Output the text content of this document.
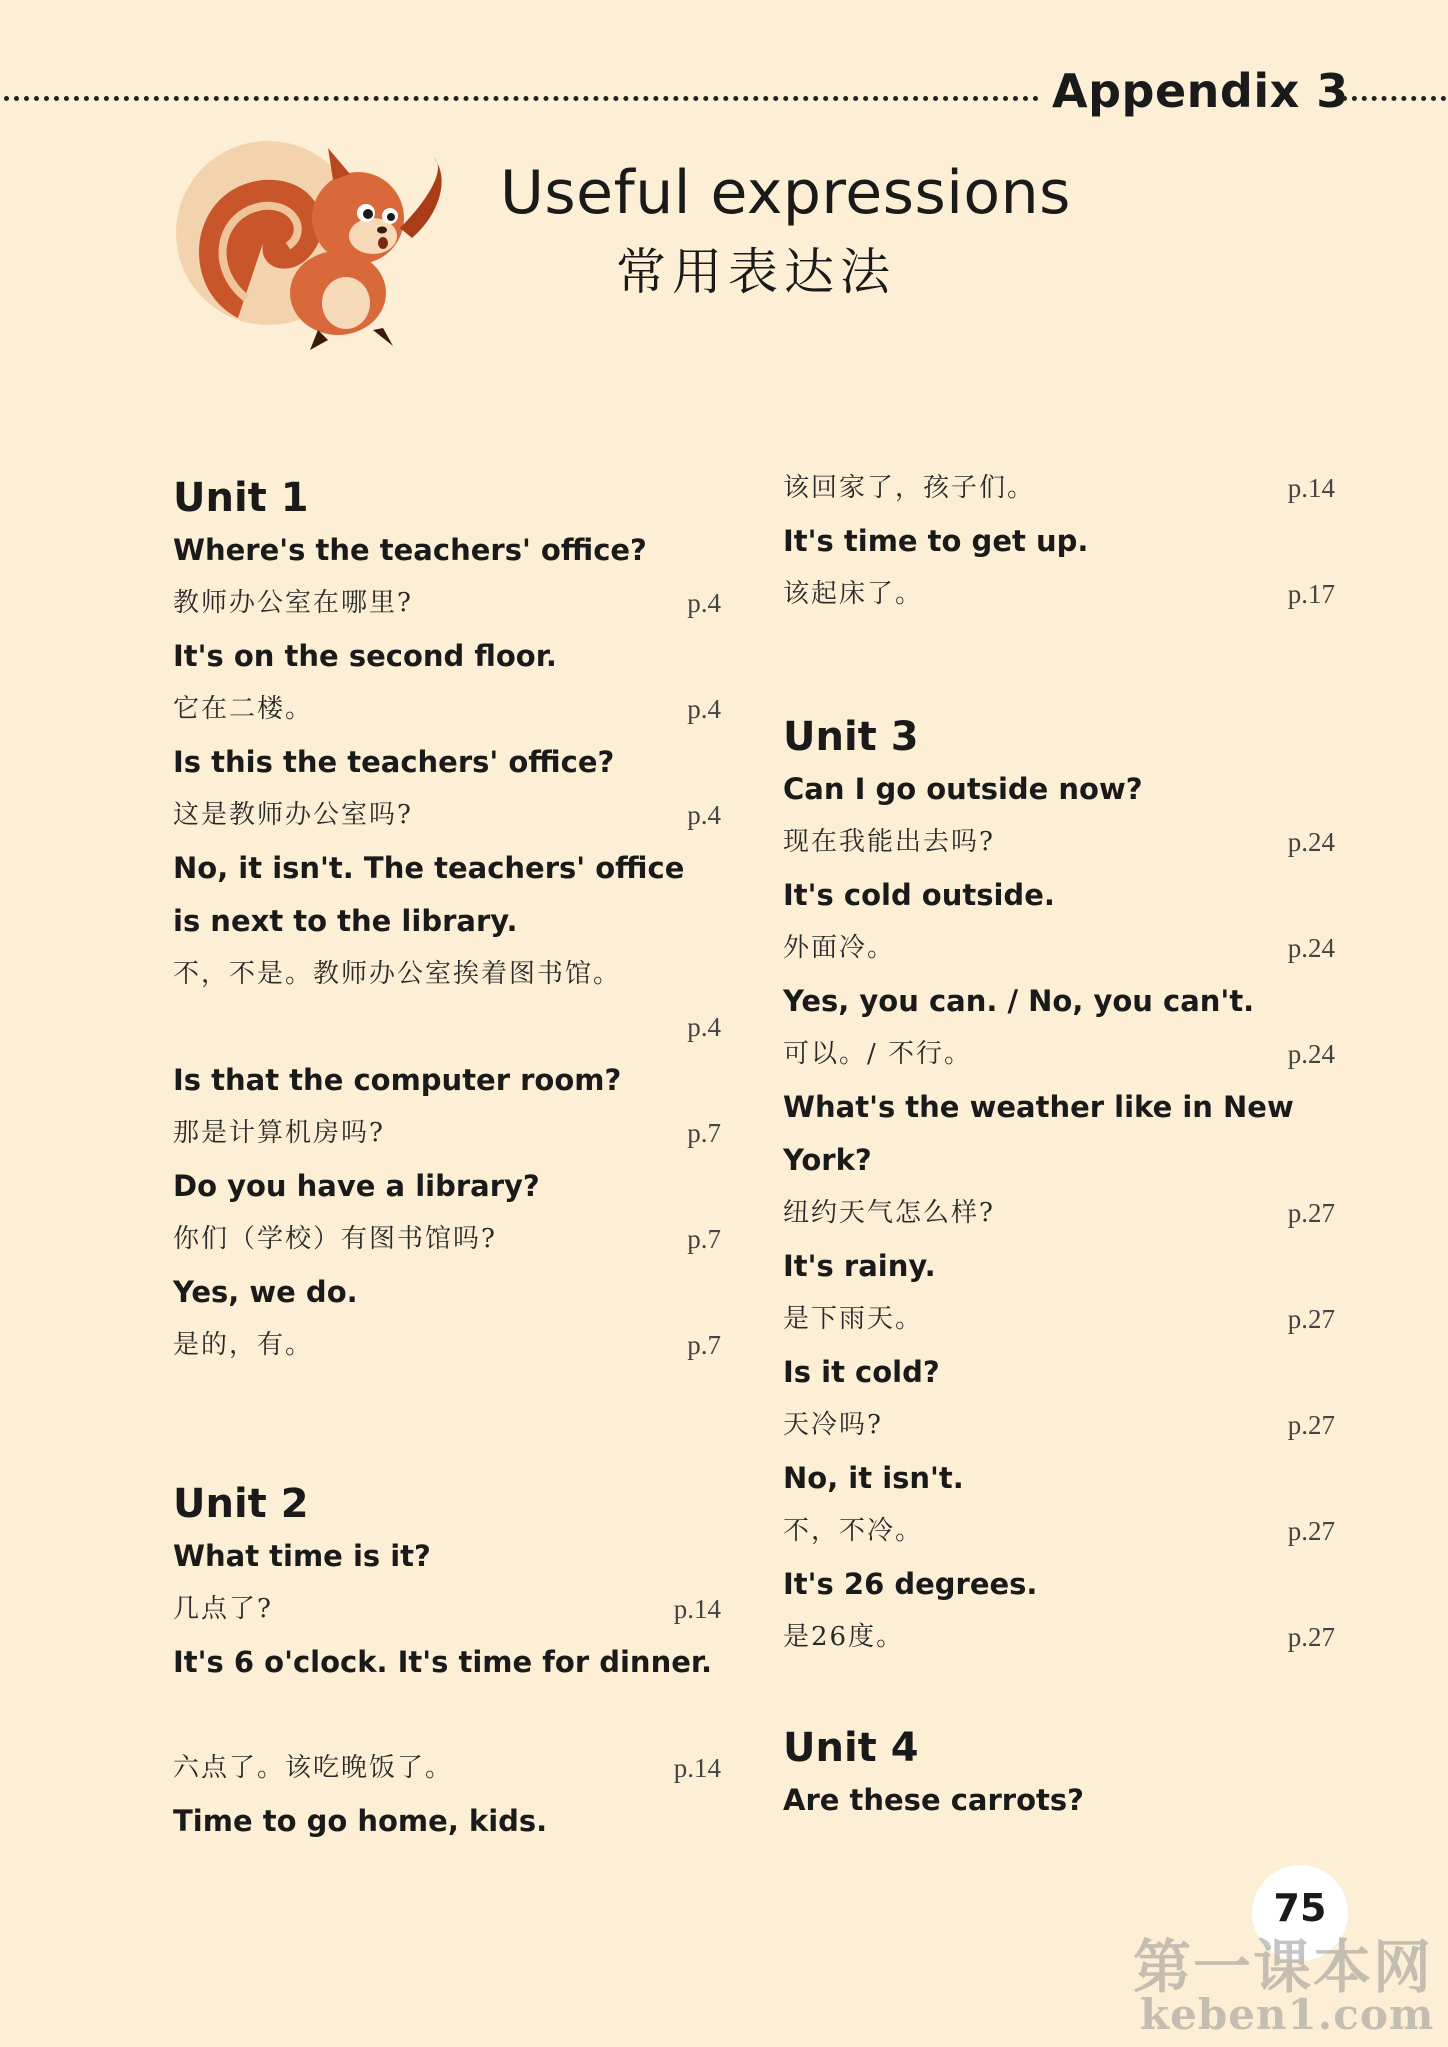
Appendix 3
Useful expressions
常用表达法
Unit 1
Where's the teachers' office?
教师办公室在哪里?	p.4
It's on the second floor.
它在二楼。	p.4
Is this the teachers' office?
这是教师办公室吗?	p.4
No, it isn't. The teachers' office is next to the library.
不，不是。教师办公室挨着图书馆。
p.4
Is that the computer room?
那是计算机房吗?	p.7
Do you have a library?
你们（学校）有图书馆吗?	p.7
Yes, we do.
是的，有。	p.7
Unit 2
What time is it?
几点了?	p.14
It's 6 o'clock. It's time for dinner.
六点了。该吃晚饭了。	p.14
Time to go home, kids.
该回家了，孩子们。	p.14
It's time to get up.
该起床了。	p.17
Unit 3
Can I go outside now?
现在我能出去吗?	p.24
It's cold outside.
外面冷。	p.24
Yes, you can. / No, you can't.
可以。/ 不行。	p.24
What's the weather like in New York?
纽约天气怎么样?	p.27
It's rainy.
是下雨天。	p.27
Is it cold?
天冷吗?	p.27
No, it isn't.
不，不冷。	p.27
It's 26 degrees.
是26度。	p.27
Unit 4
Are these carrots?
75
第一课本网
keben1.com
